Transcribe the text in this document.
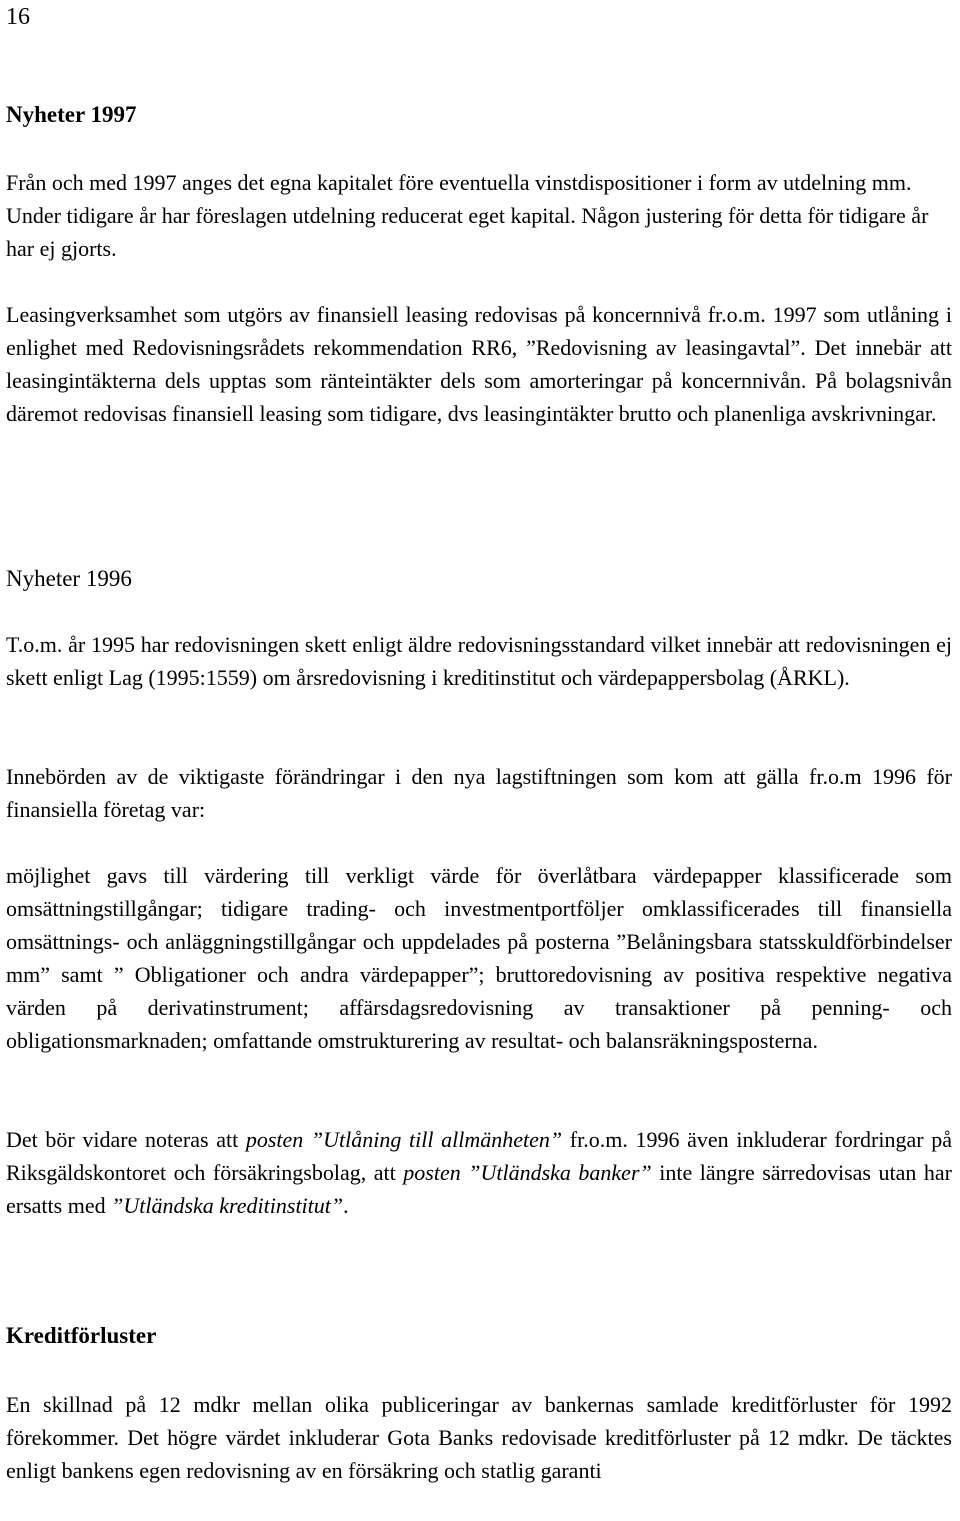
16
Nyheter 1997

Från och med 1997 anges det egna kapitalet före eventuella vinstdispositioner i form av utdelning mm. Under tidigare år har föreslagen utdelning reducerat eget kapital. Någon justering för detta för tidigare år har ej gjorts.

Leasingverksamhet som utgörs av finansiell leasing redovisas på koncernnivå fr.o.m. 1997 som utlåning i enlighet med Redovisningsrådets rekommendation RR6, ”Redovisning av leasingavtal”. Det innebär att leasingintäkterna dels upptas som ränteintäkter dels som amorteringar på koncernnivån. På bolagsnivån däremot redovisas finansiell leasing som tidigare, dvs leasingintäkter brutto och planenliga avskrivningar.

Nyheter 1996

T.o.m. år 1995 har redovisningen skett enligt äldre redovisningsstandard vilket innebär att redovisningen ej skett enligt Lag (1995:1559) om årsredovisning i kreditinstitut och värdepappersbolag (ÅRKL).

Innebörden av de viktigaste förändringar i den nya lagstiftningen som kom att gälla fr.o.m 1996 för finansiella företag var:

möjlighet gavs till värdering till verkligt värde för överlåtbara värdepapper klassificerade som omsättningstillgångar; tidigare trading- och investmentportföljer omklassificerades till finansiella omsättnings- och anläggningstillgångar och uppdelades på posterna ”Belåningsbara statsskuldförbindelser mm” samt ” Obligationer och andra värdepapper”; bruttoredovisning av positiva respektive negativa värden på derivatinstrument; affärsdagsredovisning av transaktioner på penning- och obligationsmarknaden; omfattande omstrukturering av resultat- och balansräkningsposterna.

Det bör vidare noteras att posten ”Utlåning till allmänheten” fr.o.m. 1996 även inkluderar fordringar på Riksgäldskontoret och försäkringsbolag, att posten ”Utländska banker” inte längre särredovisas utan har ersatts med ”Utländska kreditinstitut”.

Kreditförluster

En skillnad på 12 mdkr mellan olika publiceringar av bankernas samlade kreditförluster för 1992 förekommer. Det högre värdet inkluderar Gota Banks redovisade kreditförluster på 12 mdkr. De täcktes enligt bankens egen redovisning av en försäkring och statlig garanti
